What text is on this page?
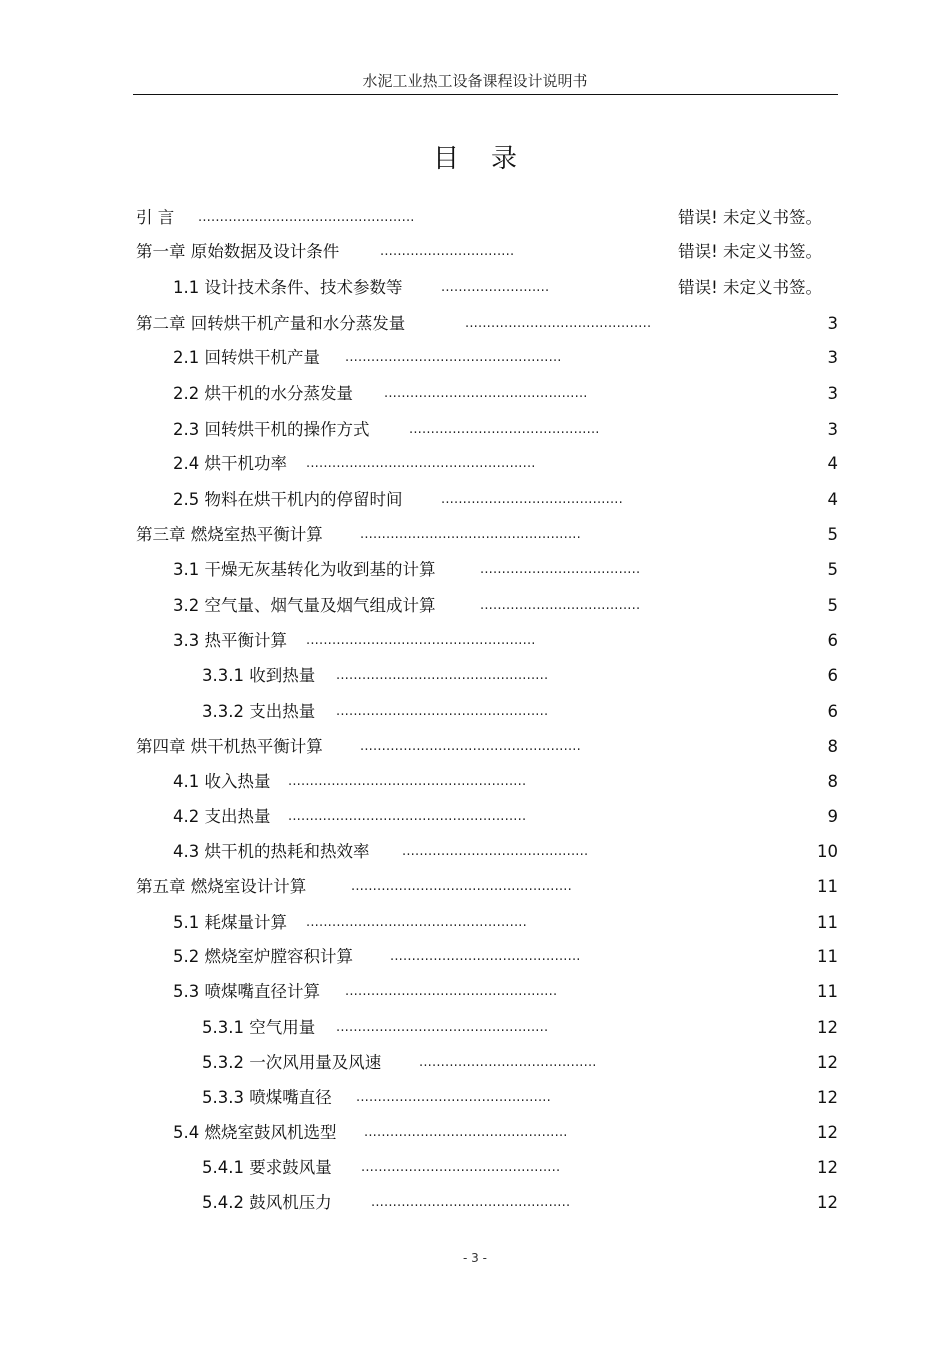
水泥工业热工设备课程设计说明书
目录
引 言 ..................................................	错误! 未定义书签。
第一章 原始数据及设计条件	...............................	错误! 未定义书签。
1.1 设计技术条件、技术参数等	.........................	错误! 未定义书签。
第二章 回转烘干机产量和水分蒸发量	...........................................	3
2.1 回转烘干机产量 ..................................................	3
2.2 烘干机的水分蒸发量 ...............................................	3
2.3 回转烘干机的操作方式	............................................	3
2.4 烘干机功率 .....................................................	4
2.5 物料在烘干机内的停留时间	..........................................	4
第三章 燃烧室热平衡计算	...................................................	5
3.1 干燥无灰基转化为收到基的计算	.....................................	5
3.2 空气量、烟气量及烟气组成计算	.....................................	5
3.3 热平衡计算 .....................................................	6
3.3.1 收到热量 .................................................	6
3.3.2 支出热量 .................................................	6
第四章 烘干机热平衡计算	...................................................	8
4.1 收入热量 .......................................................	8
4.2 支出热量 .......................................................	9
4.3 烘干机的热耗和热效率	...........................................	10
第五章 燃烧室设计计算	...................................................	11
5.1 耗煤量计算 ...................................................	11
5.2 燃烧室炉膛容积计算	............................................	11
5.3 喷煤嘴直径计算 .................................................	11
5.3.1 空气用量 .................................................	12
5.3.2 一次风用量及风速	.........................................	12
5.3.3 喷煤嘴直径 .............................................	12
5.4 燃烧室鼓风机选型 ...............................................	12
5.4.1 要求鼓风量 ..............................................	12
5.4.2 鼓风机压力	..............................................	12
- 3 -
